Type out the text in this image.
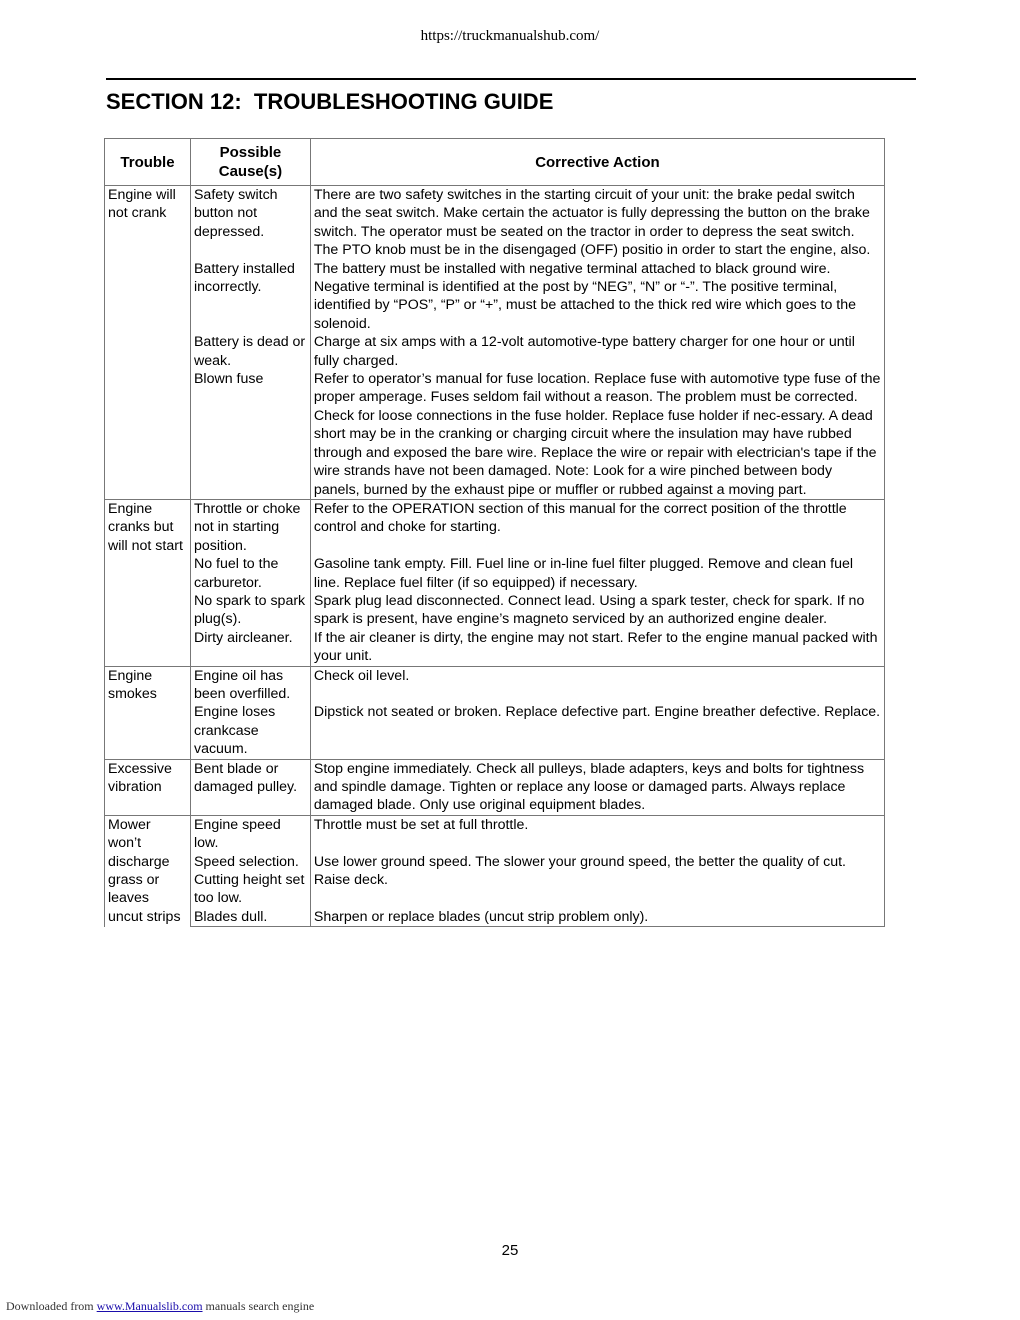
https://truckmanualshub.com/
SECTION 12:  TROUBLESHOOTING GUIDE
Trouble	Possible Cause(s)	Corrective Action
Engine will not crank	Safety switch button not depressed.	There are two safety switches in the starting circuit of your unit: the brake pedal switch and the seat switch. Make certain the actuator is fully depressing the button on the brake switch. The operator must be seated on the tractor in order to depress the seat switch. The PTO knob must be in the disengaged (OFF) positio in order to start the engine, also.
	Battery installed incorrectly.	The battery must be installed with negative terminal attached to black ground wire. Negative terminal is identified at the post by “NEG”, “N” or “-”. The positive terminal, identified by “POS”, “P” or “+”, must be attached to the thick red wire which goes to the solenoid.
	Battery is dead or weak.	Charge at six amps with a 12-volt automotive-type battery charger for one hour or until fully charged.
	Blown fuse	Refer to operator’s manual for fuse location. Replace fuse with automotive type fuse of the proper amperage. Fuses seldom fail without a reason. The problem must be corrected. Check for loose connections in the fuse holder. Replace fuse holder if nec-essary. A dead short may be in the cranking or charging circuit where the insulation may have rubbed through and exposed the bare wire. Replace the wire or repair with electrician's tape if the wire strands have not been damaged. Note: Look for a wire pinched between body panels, burned by the exhaust pipe or muffler or rubbed against a moving part.
Engine cranks but will not start	Throttle or choke not in starting position.	Refer to the OPERATION section of this manual for the correct position of the throttle control and choke for starting.
	No fuel to the carburetor.	Gasoline tank empty. Fill. Fuel line or in-line fuel filter plugged. Remove and clean fuel line. Replace fuel filter (if so equipped) if necessary.
	No spark to spark plug(s).	Spark plug lead disconnected. Connect lead. Using a spark tester, check for spark. If no spark is present, have engine’s magneto serviced by an authorized engine dealer.
	Dirty aircleaner.	If the air cleaner is dirty, the engine may not start. Refer to the engine manual packed with your unit.
Engine smokes	Engine oil has been overfilled.	Check oil level.
	Engine loses crankcase vacuum.	Dipstick not seated or broken. Replace defective part. Engine breather defective. Replace.
Excessive vibration	Bent blade or damaged pulley.	Stop engine immediately. Check all pulleys, blade adapters, keys and bolts for tightness and spindle damage. Tighten or replace any loose or damaged parts. Always replace damaged blade. Only use original equipment blades.
Mower won’t discharge grass or leaves uncut strips	Engine speed low.	Throttle must be set at full throttle.
	Speed selection.	Use lower ground speed. The slower your ground speed, the better the quality of cut.
	Cutting height set too low.	Raise deck.
	Blades dull.	Sharpen or replace blades (uncut strip problem only).
25
Downloaded from www.Manualslib.com manuals search engine
